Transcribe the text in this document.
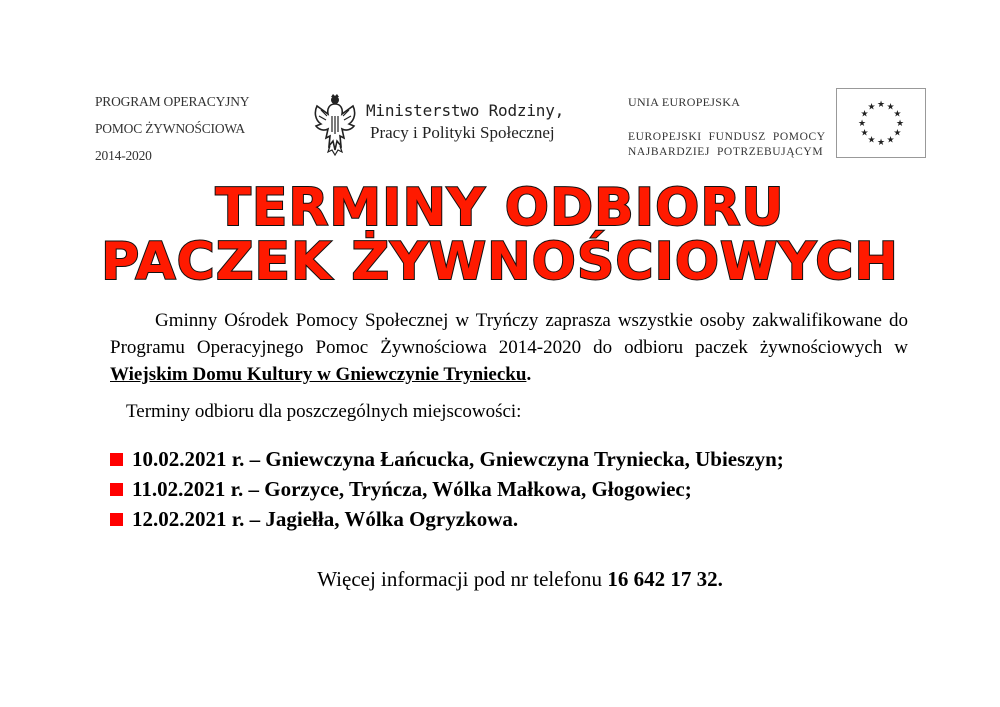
PROGRAM OPERACYJNY
POMOC ŻYWNOŚCIOWA
2014-2020
Ministerstwo Rodziny,
Pracy i Polityki Społecznej
UNIA EUROPEJSKA
EUROPEJSKI  FUNDUSZ  POMOCY
NAJBARDZIEJ  POTRZEBUJĄCYM
★ ★
★
★
★
★
★
★
★
★
★
★
TERMINY ODBIORU
PACZEK ŻYWNOŚCIOWYCH
Gminny Ośrodek Pomocy Społecznej w Tryńczy zaprasza wszystkie osoby zakwalifikowane do Programu Operacyjnego Pomoc Żywnościowa 2014-2020 do odbioru paczek żywnościowych w Wiejskim Domu Kultury w Gniewczynie Tryniecku.
Terminy odbioru dla poszczególnych miejscowości:
10.02.2021 r. – Gniewczyna Łańcucka, Gniewczyna Tryniecka, Ubieszyn;
11.02.2021 r. – Gorzyce, Tryńcza, Wólka Małkowa, Głogowiec;
12.02.2021 r. – Jagiełła, Wólka Ogryzkowa.
Więcej informacji pod nr telefonu 16 642 17 32.
